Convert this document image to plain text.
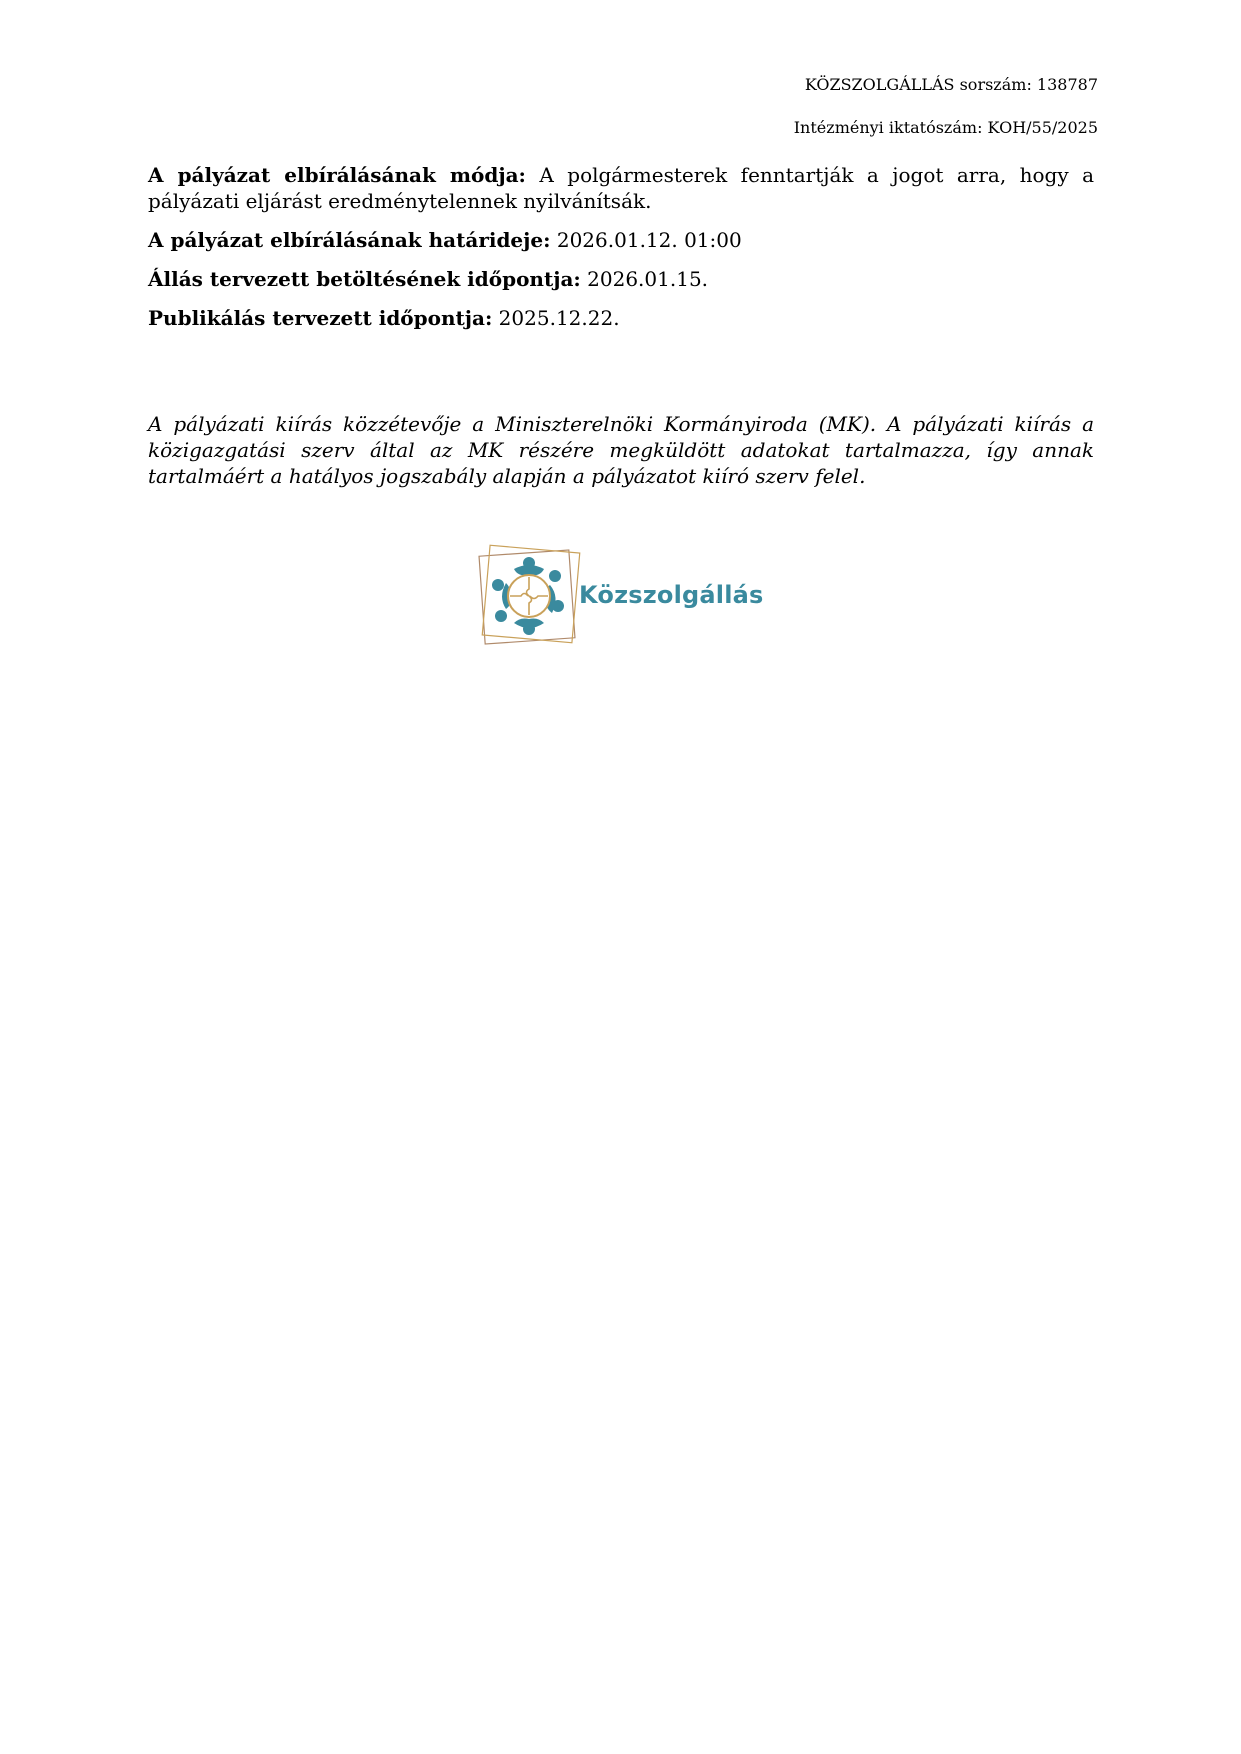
KÖZSZOLGÁLLÁS sorszám: 138787
Intézményi iktatószám: KOH/55/2025

A pályázat elbírálásának módja: A polgármesterek fenntartják a jogot arra, hogy a pályázati eljárást eredménytelennek nyilvánítsák.

A pályázat elbírálásának határideje: 2026.01.12. 01:00

Állás tervezett betöltésének időpontja: 2026.01.15.

Publikálás tervezett időpontja: 2025.12.22.

A pályázati kiírás közzétevője a Miniszterelnöki Kormányiroda (MK). A pályázati kiírás a közigazgatási szerv által az MK részére megküldött adatokat tartalmazza, így annak tartalmáért a hatályos jogszabály alapján a pályázatot kiíró szerv felel.

Közszolgállás
